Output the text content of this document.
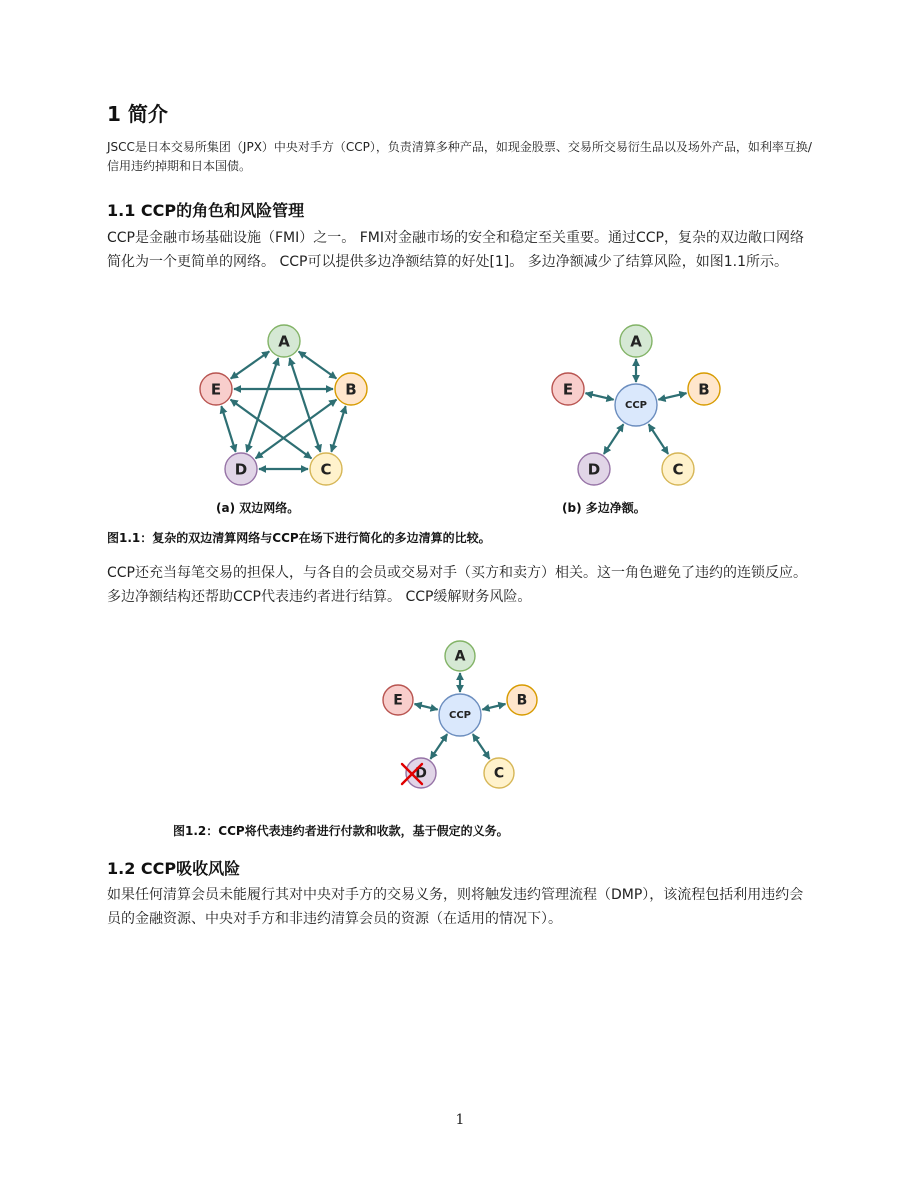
1 简介

JSCC是日本交易所集团（JPX）中央对手方（CCP），负责清算多种产品，如现金股票、交易所交易衍生品以及场外产品，如利率互换/信用违约掉期和日本国债。

1.1 CCP的角色和风险管理

CCP是金融市场基础设施（FMI）之一。 FMI对金融市场的安全和稳定至关重要。通过CCP，复杂的双边敞口网络简化为一个更简单的网络。 CCP可以提供多边净额结算的好处[1]。 多边净额减少了结算风险，如图1.1所示。

A
B
C
D
E
A
B
C
D
E
CCP
A
B
C
D
E
CCP
(a) 双边网络。	(b) 多边净额。
图1.1：复杂的双边清算网络与CCP在场下进行简化的多边清算的比较。

CCP还充当每笔交易的担保人，与各自的会员或交易对手（买方和卖方）相关。这一角色避免了违约的连锁反应。 多边净额结构还帮助CCP代表违约者进行结算。 CCP缓解财务风险。

图1.2：CCP将代表违约者进行付款和收款，基于假定的义务。
1.2 CCP吸收风险

如果任何清算会员未能履行其对中央对手方的交易义务，则将触发违约管理流程（DMP），该流程包括利用违约会员的金融资源、中央对手方和非违约清算会员的资源（在适用的情况下）。

1
